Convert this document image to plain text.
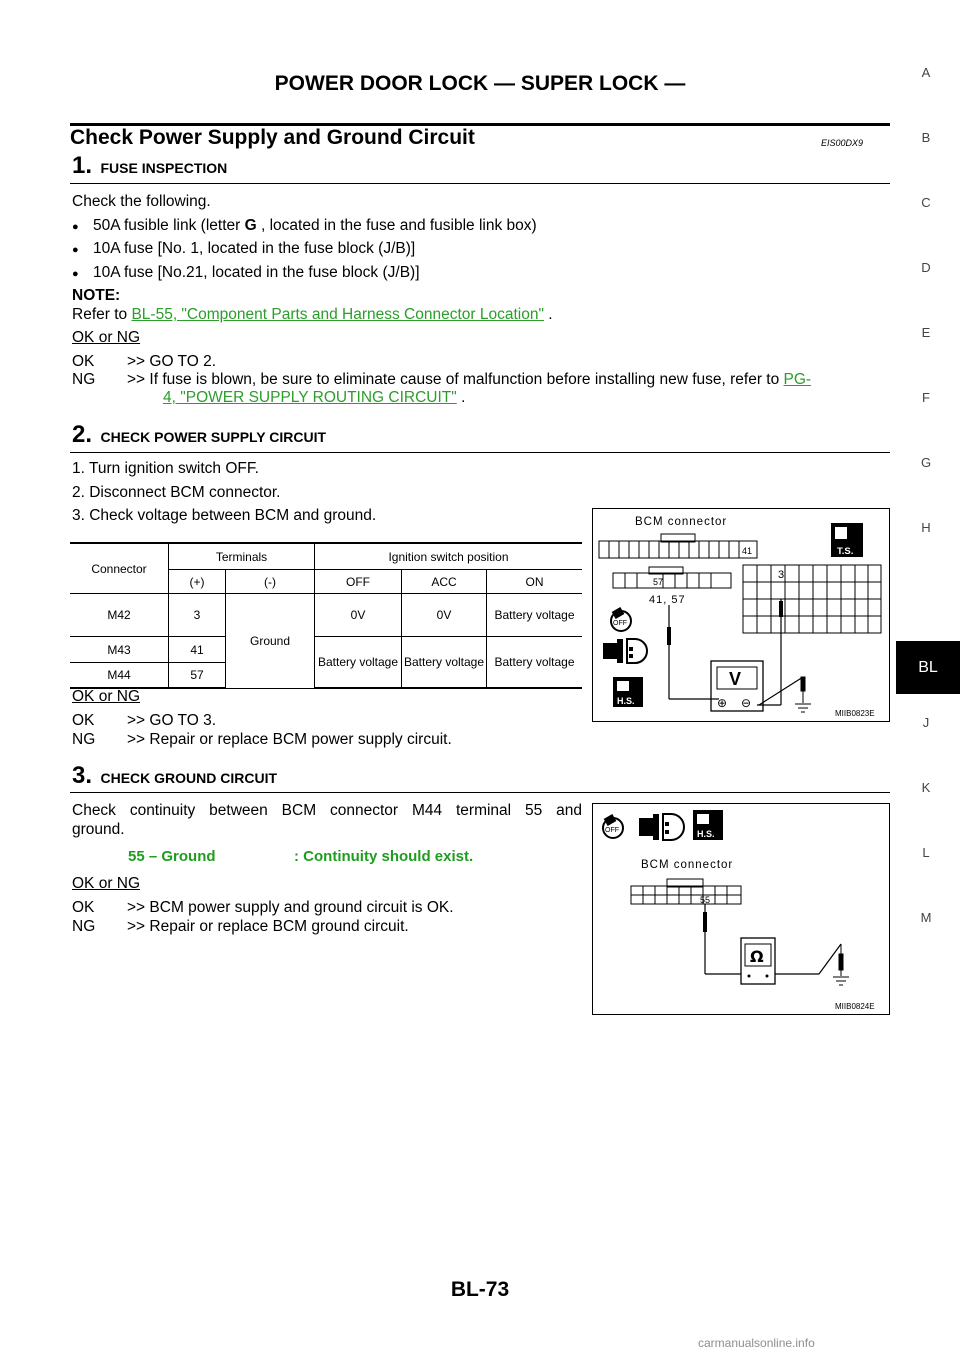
POWER DOOR LOCK — SUPER LOCK —
Check Power Supply and Ground Circuit	EIS00DX9
A
B
C
D
E
F
G
H
BL
J
K
L
M
1. FUSE INSPECTION
Check the following.
● 50A fusible link (letter G , located in the fuse and fusible link box)
● 10A fuse [No. 1, located in the fuse block (J/B)]
● 10A fuse [No.21, located in the fuse block (J/B)]
NOTE:
Refer to BL-55, "Component Parts and Harness Connector Location" .
OK or NG
OK >> GO TO 2.
NG >> If fuse is blown, be sure to eliminate cause of malfunction before installing new fuse, refer to PG-
4, "POWER SUPPLY ROUTING CIRCUIT" .
2. CHECK POWER SUPPLY CIRCUIT
1. Turn ignition switch OFF.
2. Disconnect BCM connector.
3. Check voltage between BCM and ground.
Connector	Terminals		Ignition switch position		
	(+)	(-)	OFF	ACC	ON
M42	3	Ground	0V	0V	Battery voltage
M43	41		Battery voltage	Battery voltage	Battery voltage
M44	57				
OK or NG
OK >> GO TO 3.
NG >> Repair or replace BCM power supply circuit.
BCM connector
41
57
41, 57
3
V
⊕ ⊖
OFF
H.S.
T.S.
MIIB0823E
3. CHECK GROUND CIRCUIT
Check continuity between BCM connector M44 terminal 55 and
ground.
55 – Ground	: Continuity should exist.
OK or NG
OK >> BCM power supply and ground circuit is OK.
NG >> Repair or replace BCM ground circuit.
OFF	H.S.
BCM connector
55
Ω
MIIB0824E
BL-73
carmanualsonline.info
